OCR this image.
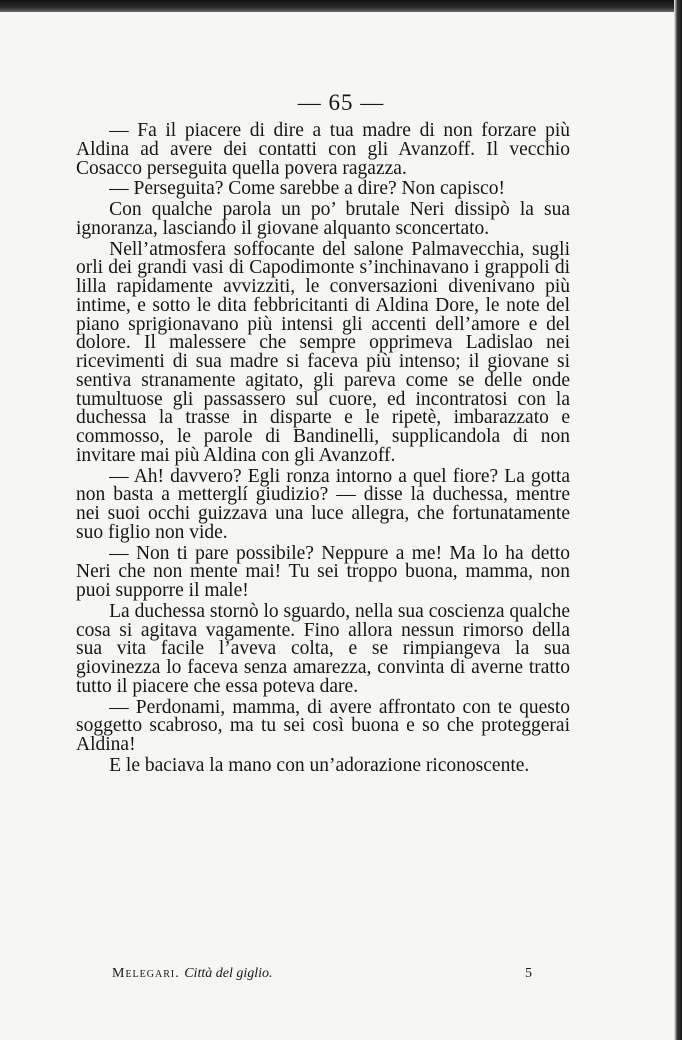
— 65 —

— Fa il piacere di dire a tua madre di non forzare più Aldina ad avere dei contatti con gli Avanzoff. Il vecchio Cosacco perseguita quella povera ragazza.

— Perseguita? Come sarebbe a dire? Non capisco!

Con qualche parola un po’ brutale Neri dissipò la sua ignoranza, lasciando il giovane alquanto sconcertato.

Nell’atmosfera soffocante del salone Palmavecchia, sugli orli dei grandi vasi di Capodimonte s’inchinavano i grappoli di lilla rapidamente avvizziti, le conversazioni divenivano più intime, e sotto le dita febbricitanti di Aldina Dore, le note del piano sprigionavano più intensi gli accenti dell’amore e del dolore. Il malessere che sempre opprimeva Ladislao nei ricevimenti di sua madre si faceva più intenso; il giovane si sentiva stranamente agitato, gli pareva come se delle onde tumultuose gli passassero sul cuore, ed incontratosi con la duchessa la trasse in disparte e le ripetè, imbarazzato e commosso, le parole di Bandinelli, supplicandola di non invitare mai più Aldina con gli Avanzoff.

— Ah! davvero? Egli ronza intorno a quel fiore? La gotta non basta a metterglí giudizio? — disse la duchessa, mentre nei suoi occhi guizzava una luce allegra, che fortunatamente suo figlio non vide.

— Non ti pare possibile? Neppure a me! Ma lo ha detto Neri che non mente mai! Tu sei troppo buona, mamma, non puoi supporre il male!

La duchessa stornò lo sguardo, nella sua coscienza qualche cosa si agitava vagamente. Fino allora nessun rimorso della sua vita facile l’aveva colta, e se rimpiangeva la sua giovinezza lo faceva senza amarezza, convinta di averne tratto tutto il piacere che essa poteva dare.

— Perdonami, mamma, di avere affrontato con te questo soggetto scabroso, ma tu sei così buona e so che proteggerai Aldina!

E le baciava la mano con un’adorazione riconoscente.

Melegari. Città del giglio.	5
